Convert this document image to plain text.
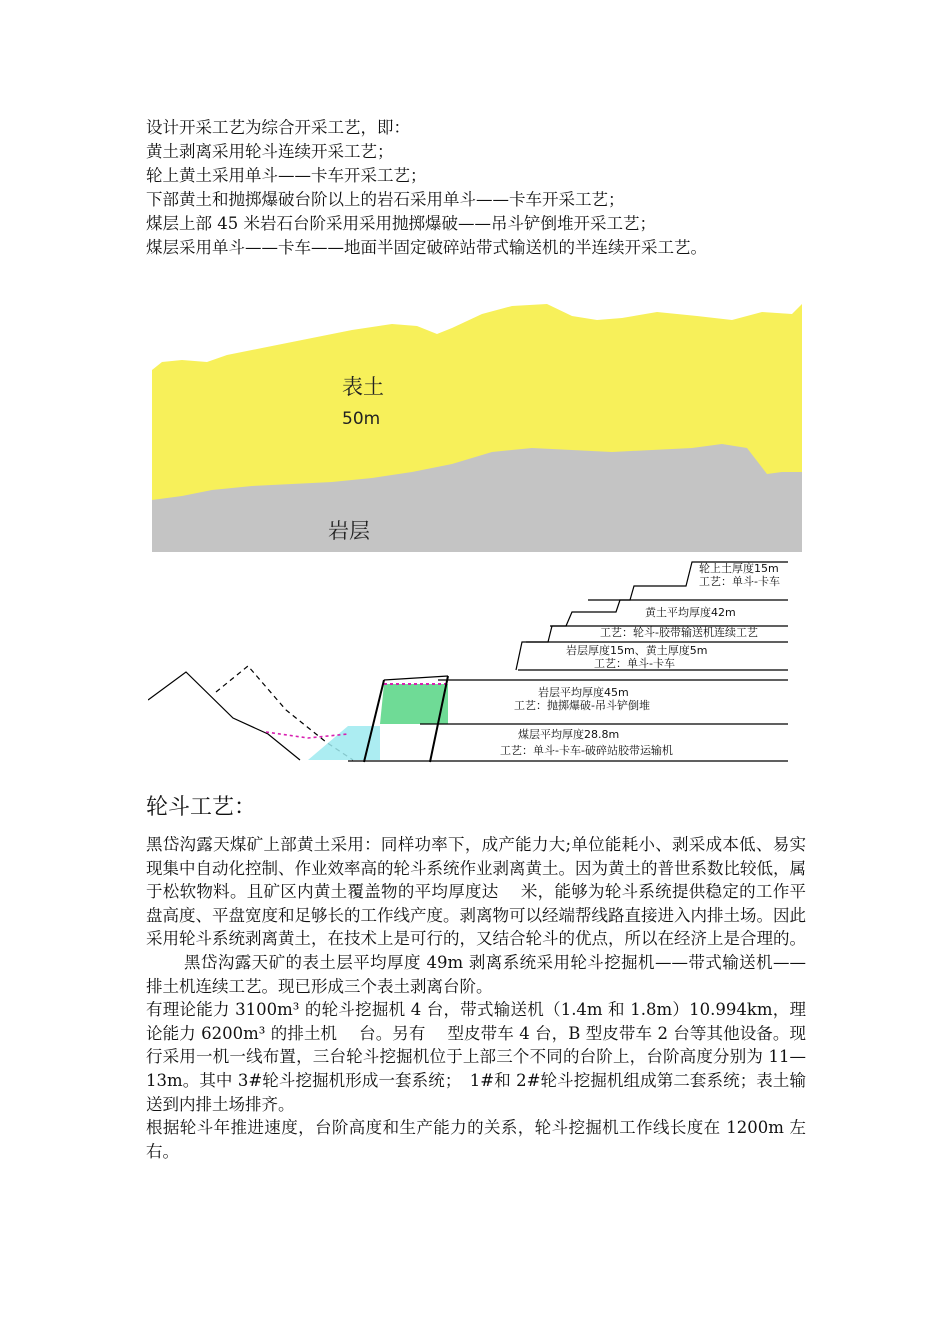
设计开采工艺为综合开采工艺，即：
黄土剥离采用轮斗连续开采工艺；
轮上黄土采用单斗——卡车开采工艺；
下部黄土和抛掷爆破台阶以上的岩石采用单斗——卡车开采工艺；
煤层上部 45 米岩石台阶采用采用抛掷爆破——吊斗铲倒堆开采工艺；
煤层采用单斗——卡车——地面半固定破碎站带式输送机的半连续开采工艺。
表土
50m
岩层
轮上土厚度15m
工艺：单斗-卡车
黄土平均厚度42m
工艺：轮斗-胶带输送机连续工艺
岩层厚度15m、黄土厚度5m
工艺：单斗-卡车
岩层平均厚度45m
工艺：抛掷爆破-吊斗铲倒堆
煤层平均厚度28.8m
工艺：单斗-卡车-破碎站胶带运输机
轮斗工艺：

黑岱沟露天煤矿上部黄土采用：同样功率下，成产能力大;单位能耗小、剥采成本低、易实现集中自动化控制、作业效率高的轮斗系统作业剥离黄土。因为黄土的普世系数比较低，属于松软物料。且矿区内黄土覆盖物的平均厚度达　 米，能够为轮斗系统提供稳定的工作平盘高度、平盘宽度和足够长的工作线产度。剥离物可以经端帮线路直接进入内排土场。因此采用轮斗系统剥离黄土，在技术上是可行的，又结合轮斗的优点，所以在经济上是合理的。

黑岱沟露天矿的表土层平均厚度 49m 剥离系统采用轮斗挖掘机——带式输送机——排土机连续工艺。现已形成三个表土剥离台阶。

有理论能力 3100m³ 的轮斗挖掘机 4 台，带式输送机（1.4m 和 1.8m）10.994km，理论能力 6200m³ 的排土机　 台。另有　 型皮带车 4 台，B 型皮带车 2 台等其他设备。现行采用一机一线布置，三台轮斗挖掘机位于上部三个不同的台阶上，台阶高度分别为 11—13m。其中 3#轮斗挖掘机形成一套系统；　1#和 2#轮斗挖掘机组成第二套系统；表土输送到内排土场排齐。

根据轮斗年推进速度，台阶高度和生产能力的关系，轮斗挖掘机工作线长度在 1200m 左右。
